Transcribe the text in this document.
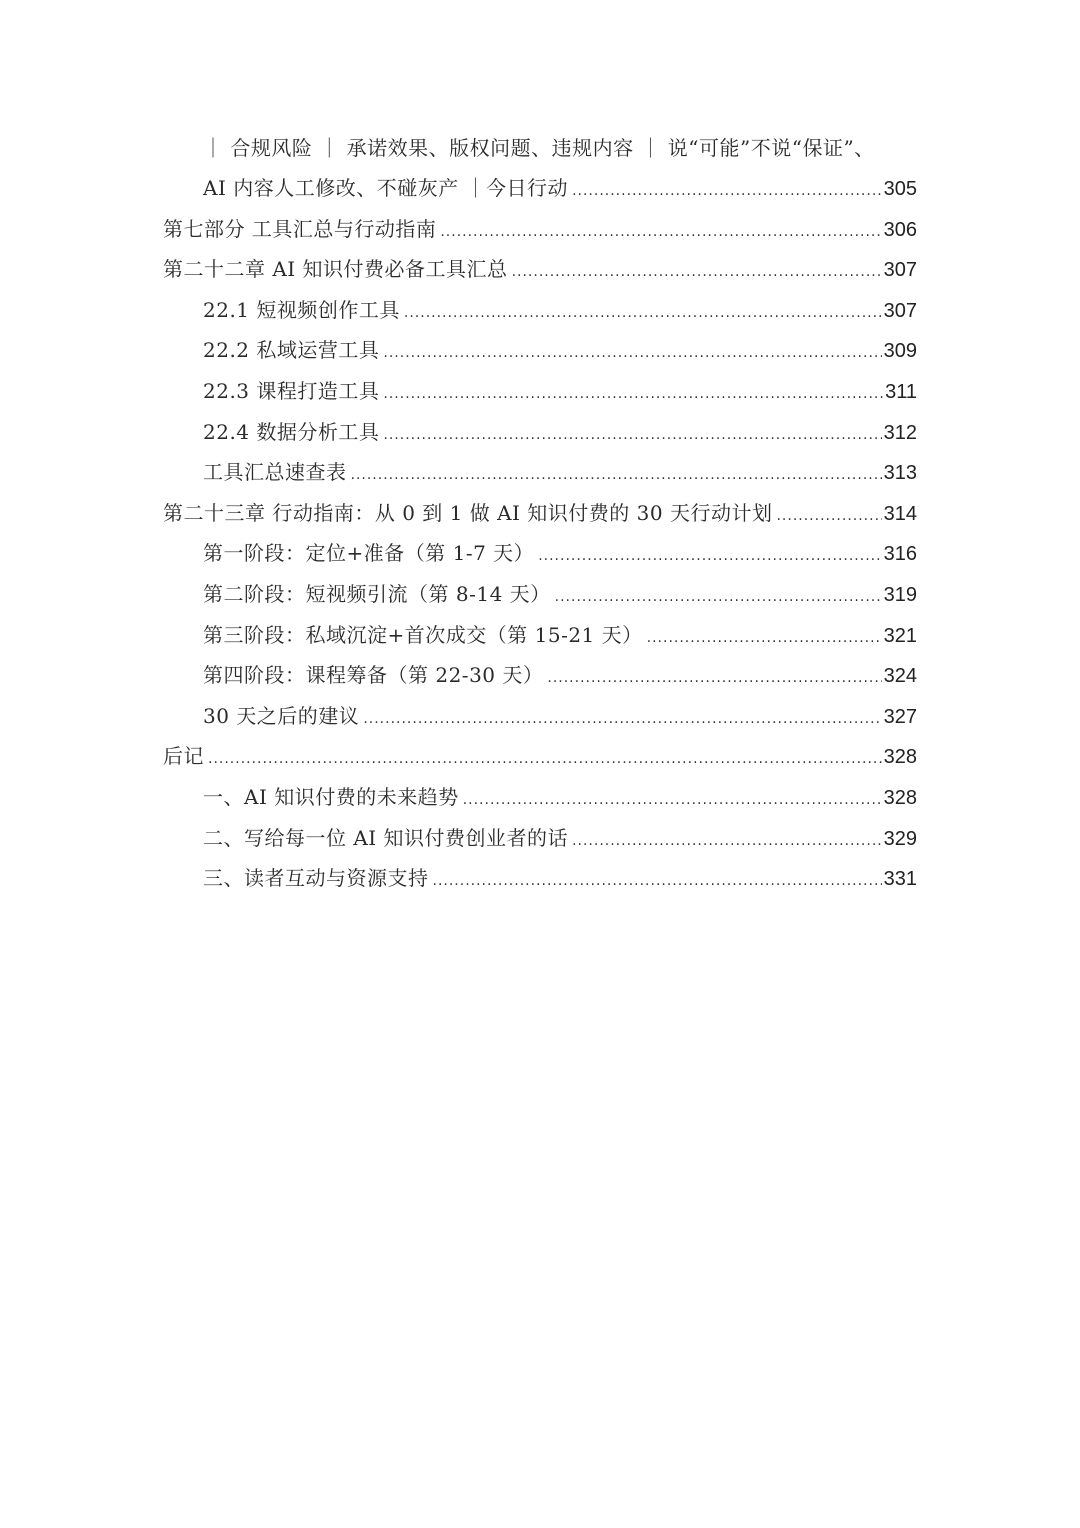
｜ 合规风险 ｜ 承诺效果、版权问题、违规内容 ｜ 说“可能”不说“保证”、
AI 内容人工修改、不碰灰产 ｜今日行动 .....	305
第七部分 工具汇总与行动指南 .....	306
第二十二章 AI 知识付费必备工具汇总 .....	307
22.1 短视频创作工具 .....	307
22.2 私域运营工具 .....	309
22.3 课程打造工具 .....	311
22.4 数据分析工具 .....	312
工具汇总速查表 .....	313
第二十三章 行动指南：从 0 到 1 做 AI 知识付费的 30 天行动计划 .....	314
第一阶段：定位+准备（第 1-7 天） .....	316
第二阶段：短视频引流（第 8-14 天） .....	319
第三阶段：私域沉淀+首次成交（第 15-21 天） .....	321
第四阶段：课程筹备（第 22-30 天） .....	324
30 天之后的建议 .....	327
后记 .....	328
一、AI 知识付费的未来趋势 .....	328
二、写给每一位 AI 知识付费创业者的话 .....	329
三、读者互动与资源支持 .....	331
